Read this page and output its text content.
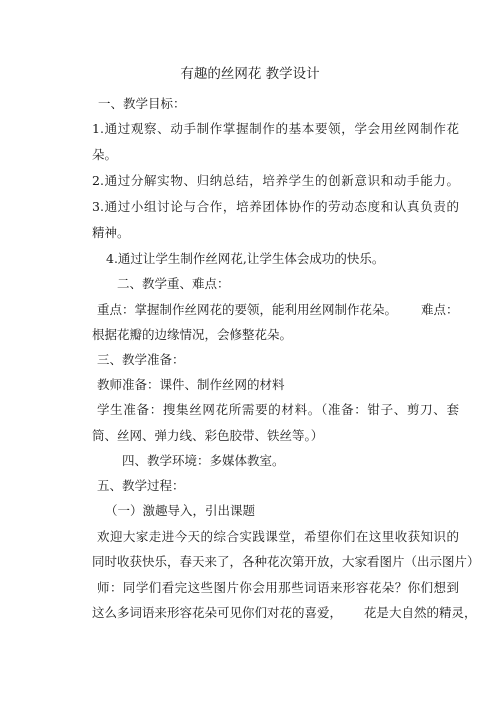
有趣的丝网花 教学设计
一、教学目标：
1.通过观察、动手制作掌握制作的基本要领，学会用丝网制作花
朵。
2.通过分解实物、归纳总结，培养学生的创新意识和动手能力。
3.通过小组讨论与合作，培养团体协作的劳动态度和认真负责的
精神。
4.通过让学生制作丝网花,让学生体会成功的快乐。
二、教学重、难点：
重点：掌握制作丝网花的要领，能利用丝网制作花朵。 难点：
根据花瓣的边缘情况，会修整花朵。
三、教学准备：
教师准备：课件、制作丝网的材料
学生准备：搜集丝网花所需要的材料。（准备：钳子、剪刀、套
筒、丝网、弹力线、彩色胶带、铁丝等。）
四、教学环境：多媒体教室。
五、教学过程：
（一）激趣导入，引出课题
欢迎大家走进今天的综合实践课堂，希望你们在这里收获知识的
同时收获快乐，春天来了，各种花次第开放，大家看图片（出示图片）
师：同学们看完这些图片你会用那些词语来形容花朵？你们想到
这么多词语来形容花朵可见你们对花的喜爱， 花是大自然的精灵，
